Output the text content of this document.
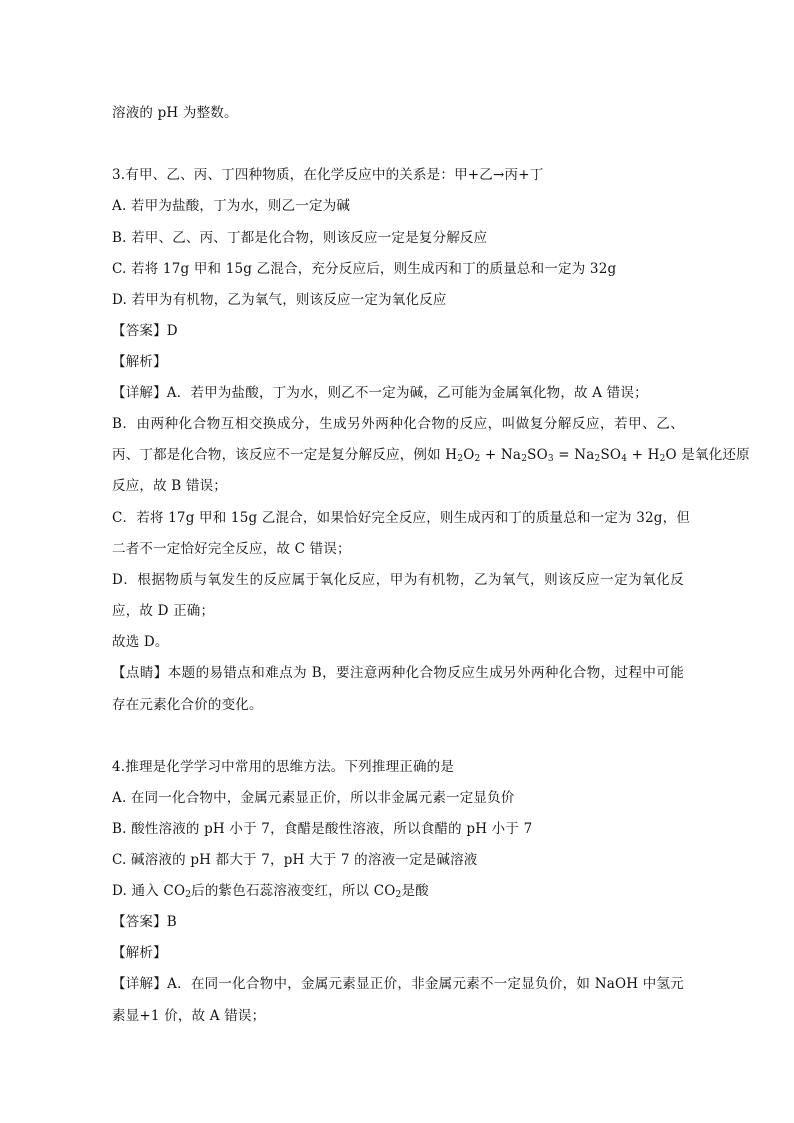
溶液的 pH 为整数。
3.有甲、乙、丙、丁四种物质，在化学反应中的关系是：甲+乙→丙+丁
A. 若甲为盐酸，丁为水，则乙一定为碱
B. 若甲、乙、丙、丁都是化合物，则该反应一定是复分解反应
C. 若将 17g 甲和 15g 乙混合，充分反应后，则生成丙和丁的质量总和一定为 32g
D. 若甲为有机物，乙为氧气，则该反应一定为氧化反应
【答案】D
【解析】
【详解】A．若甲为盐酸，丁为水，则乙不一定为碱，乙可能为金属氧化物，故 A 错误；
B．由两种化合物互相交换成分，生成另外两种化合物的反应，叫做复分解反应，若甲、乙、
丙、丁都是化合物，该反应不一定是复分解反应，例如 $H_2O_2 + Na_2SO_3 = Na_2SO_4 + H_2O$ 是氧化还原
反应，故 B 错误；
C．若将 17g 甲和 15g 乙混合，如果恰好完全反应，则生成丙和丁的质量总和一定为 32g，但
二者不一定恰好完全反应，故 C 错误；
D．根据物质与氧发生的反应属于氧化反应，甲为有机物，乙为氧气，则该反应一定为氧化反
应，故 D 正确；
故选 D。
【点睛】本题的易错点和难点为 B，要注意两种化合物反应生成另外两种化合物，过程中可能
存在元素化合价的变化。
4.推理是化学学习中常用的思维方法。下列推理正确的是
A. 在同一化合物中，金属元素显正价，所以非金属元素一定显负价
B. 酸性溶液的 pH 小于 7，食醋是酸性溶液，所以食醋的 pH 小于 7
C. 碱溶液的 pH 都大于 7，pH 大于 7 的溶液一定是碱溶液
D. 通入 $CO_2$后的紫色石蕊溶液变红，所以 $CO_2$是酸
【答案】B
【解析】
【详解】A．在同一化合物中，金属元素显正价，非金属元素不一定显负价，如 NaOH 中氢元
素显+1 价，故 A 错误；
